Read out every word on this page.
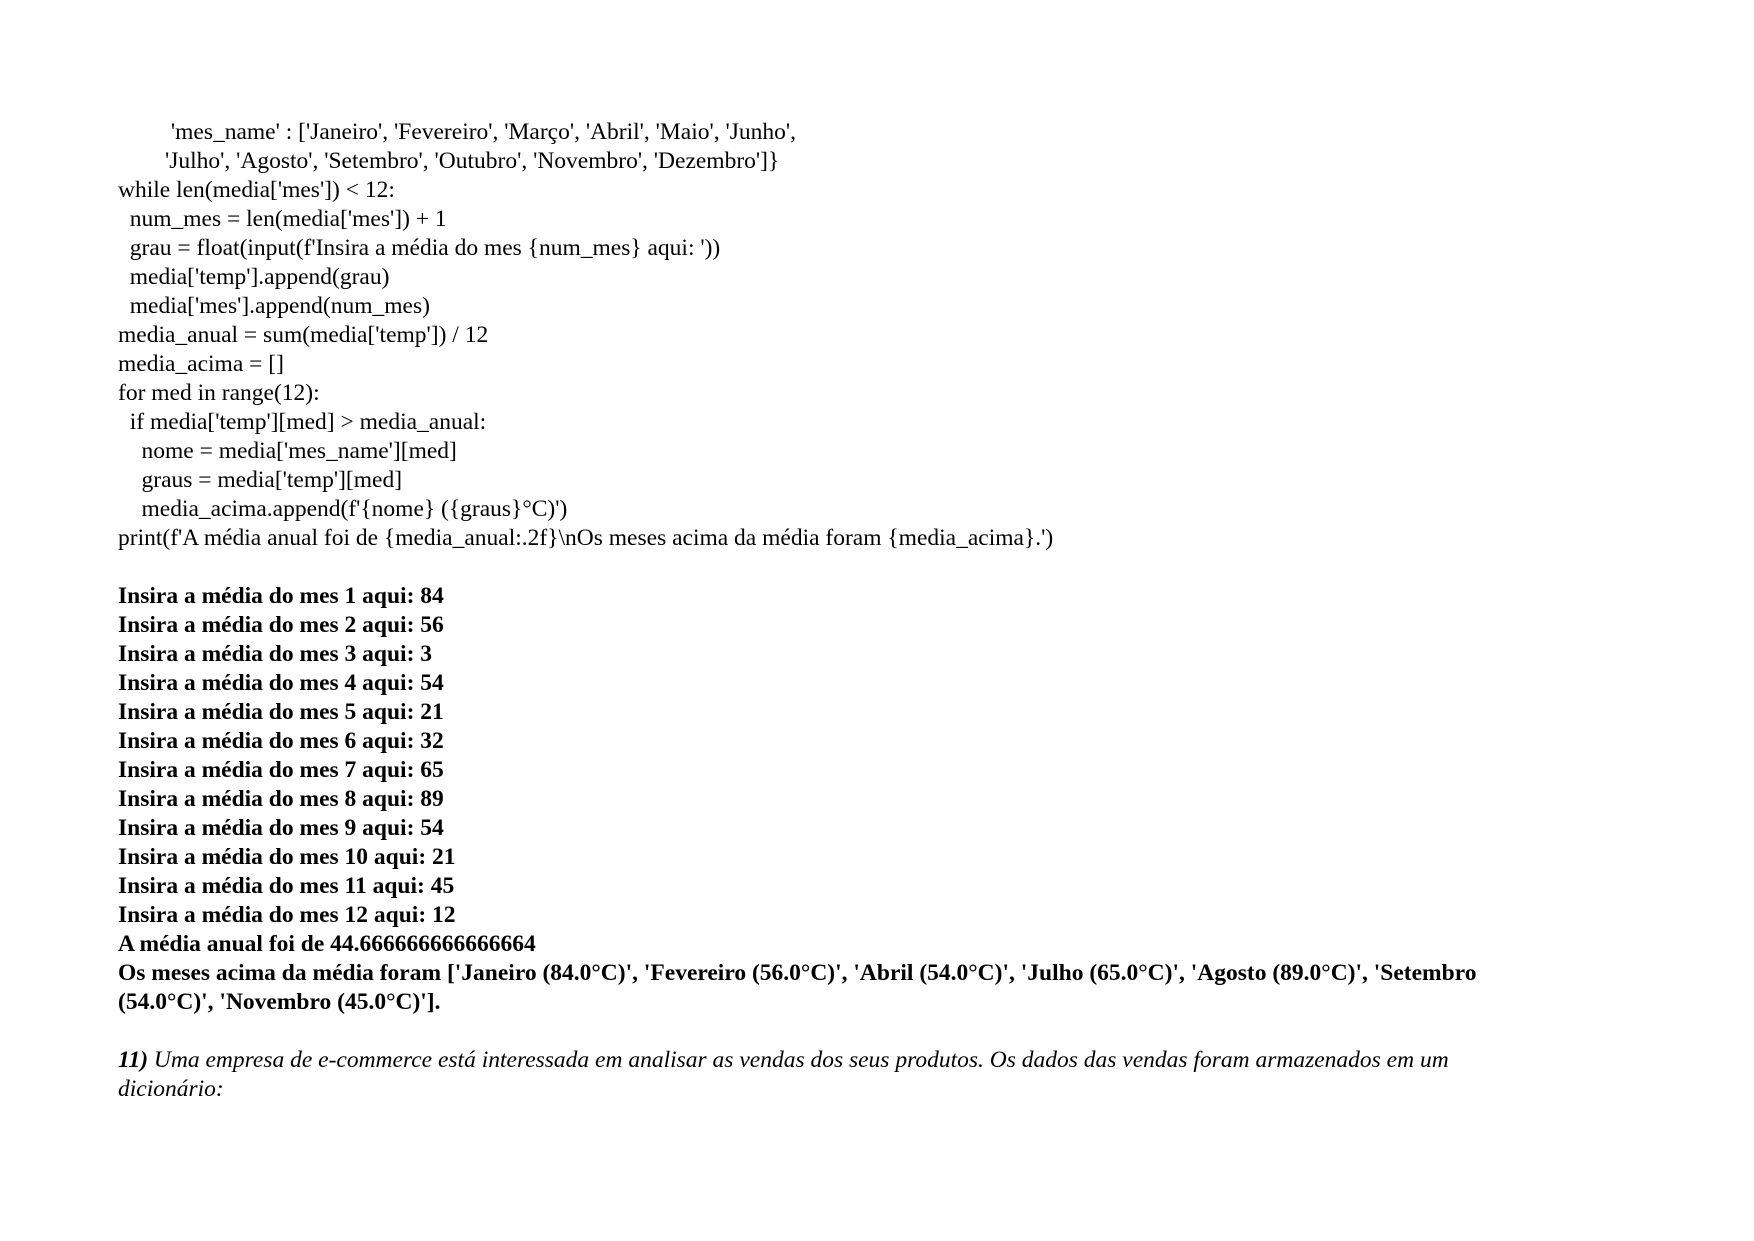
'mes_name' : ['Janeiro', 'Fevereiro', 'Março', 'Abril', 'Maio', 'Junho',
'Julho', 'Agosto', 'Setembro', 'Outubro', 'Novembro', 'Dezembro']}
while len(media['mes']) < 12:
num_mes = len(media['mes']) + 1
grau = float(input(f'Insira a média do mes {num_mes} aqui: '))
media['temp'].append(grau)
media['mes'].append(num_mes)
media_anual = sum(media['temp']) / 12
media_acima = []
for med in range(12):
if media['temp'][med] > media_anual:
nome = media['mes_name'][med]
graus = media['temp'][med]
media_acima.append(f'{nome} ({graus}°C)')
print(f'A média anual foi de {media_anual:.2f}\nOs meses acima da média foram {media_acima}.')
Insira a média do mes 1 aqui: 84
Insira a média do mes 2 aqui: 56
Insira a média do mes 3 aqui: 3
Insira a média do mes 4 aqui: 54
Insira a média do mes 5 aqui: 21
Insira a média do mes 6 aqui: 32
Insira a média do mes 7 aqui: 65
Insira a média do mes 8 aqui: 89
Insira a média do mes 9 aqui: 54
Insira a média do mes 10 aqui: 21
Insira a média do mes 11 aqui: 45
Insira a média do mes 12 aqui: 12
A média anual foi de 44.666666666666664
Os meses acima da média foram ['Janeiro (84.0°C)', 'Fevereiro (56.0°C)', 'Abril (54.0°C)', 'Julho (65.0°C)', 'Agosto (89.0°C)', 'Setembro
(54.0°C)', 'Novembro (45.0°C)'].
11) Uma empresa de e-commerce está interessada em analisar as vendas dos seus produtos. Os dados das vendas foram armazenados em um
dicionário:
